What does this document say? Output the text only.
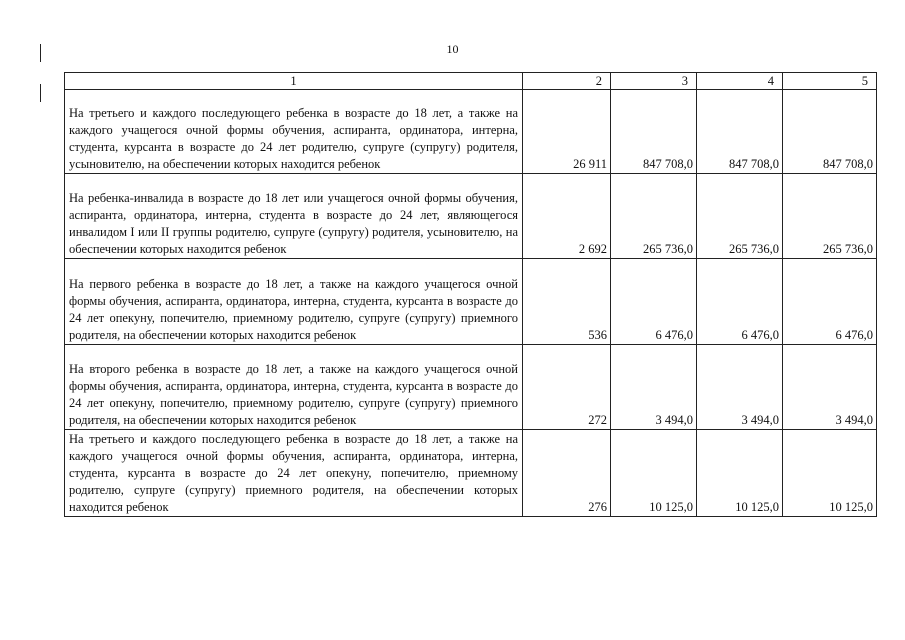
10
1	2	3	4	5
На третьего и каждого последующего ребенка в возрасте до 18 лет, а также на каждого учащегося очной формы обучения, аспиранта, ординатора, интерна, студента, курсанта в возрасте до 24 лет родителю, супруге (супругу) родителя, усыновителю, на обеспечении которых находится ребенок	26 911	847 708,0	847 708,0	847 708,0
На ребенка-инвалида в возрасте до 18 лет или учащегося очной формы обучения, аспиранта, ординатора, интерна, студента в возрасте до 24 лет, являющегося инвалидом I или II группы родителю, супруге (супругу) родителя, усыновителю, на обеспечении которых находится ребенок	2 692	265 736,0	265 736,0	265 736,0
На первого ребенка в возрасте до 18 лет, а также на каждого учащегося очной формы обучения, аспиранта, ординатора, интерна, студента, курсанта в возрасте до 24 лет опекуну, попечителю, приемному родителю, супруге (супругу) приемного родителя, на обеспечении которых находится ребенок	536	6 476,0	6 476,0	6 476,0
На второго ребенка в возрасте до 18 лет, а также на каждого учащегося очной формы обучения, аспиранта, ординатора, интерна, студента, курсанта в возрасте до 24 лет опекуну, попечителю, приемному родителю, супруге (супругу) приемного родителя, на обеспечении которых находится ребенок	272	3 494,0	3 494,0	3 494,0
На третьего и каждого последующего ребенка в возрасте до 18 лет, а также на каждого учащегося очной формы обучения, аспиранта, ординатора, интерна, студента, курсанта в возрасте до 24 лет опекуну, попечителю, приемному родителю, супруге (супругу) приемного родителя, на обеспечении которых находится ребенок	276	10 125,0	10 125,0	10 125,0
